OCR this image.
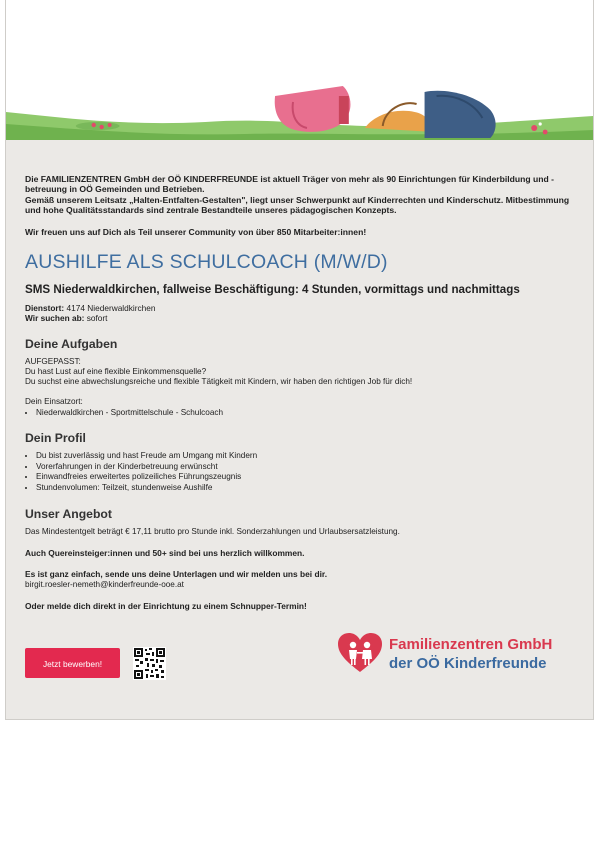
Die FAMILIENZENTREN GmbH der OÖ KINDERFREUNDE ist aktuell Träger von mehr als 90 Einrichtungen für Kinderbildung und -betreuung in OÖ Gemeinden und Betrieben.

Gemäß unserem Leitsatz „Halten-Entfalten-Gestalten", liegt unser Schwerpunkt auf Kinderrechten und Kinderschutz. Mitbestimmung und hohe Qualitätsstandards sind zentrale Bestandteile unseres pädagogischen Konzepts.

Wir freuen uns auf Dich als Teil unserer Community von über 850 Mitarbeiter:innen!

AUSHILFE ALS SCHULCOACH (M/W/D)
SMS Niederwaldkirchen, fallweise Beschäftigung: 4 Stunden, vormittags und nachmittags
Dienstort: 4174 Niederwaldkirchen
Wir suchen ab: sofort
Deine Aufgaben

AUFGEPASST:

Du hast Lust auf eine flexible Einkommensquelle?

Du suchst eine abwechslungsreiche und flexible Tätigkeit mit Kindern, wir haben den richtigen Job für dich!

Dein Einsatzort:

• Niederwaldkirchen - Sportmittelschule - Schulcoach
Dein Profil
• Du bist zuverlässig und hast Freude am Umgang mit Kindern
• Vorerfahrungen in der Kinderbetreuung erwünscht
• Einwandfreies erweitertes polizeiliches Führungszeugnis
• Stundenvolumen: Teilzeit, stundenweise Aushilfe
Unser Angebot
Das Mindestentgelt beträgt € 17,11 brutto pro Stunde inkl. Sonderzahlungen und Urlaubsersatzleistung.
Auch Quereinsteiger:innen und 50+ sind bei uns herzlich willkommen.
Es ist ganz einfach, sende uns deine Unterlagen und wir melden uns bei dir.
birgit.roesler-nemeth@kinderfreunde-ooe.at
Oder melde dich direkt in der Einrichtung zu einem Schnupper-Termin!
Jetzt bewerben!
Familienzentren GmbH
der OÖ Kinderfreunde
